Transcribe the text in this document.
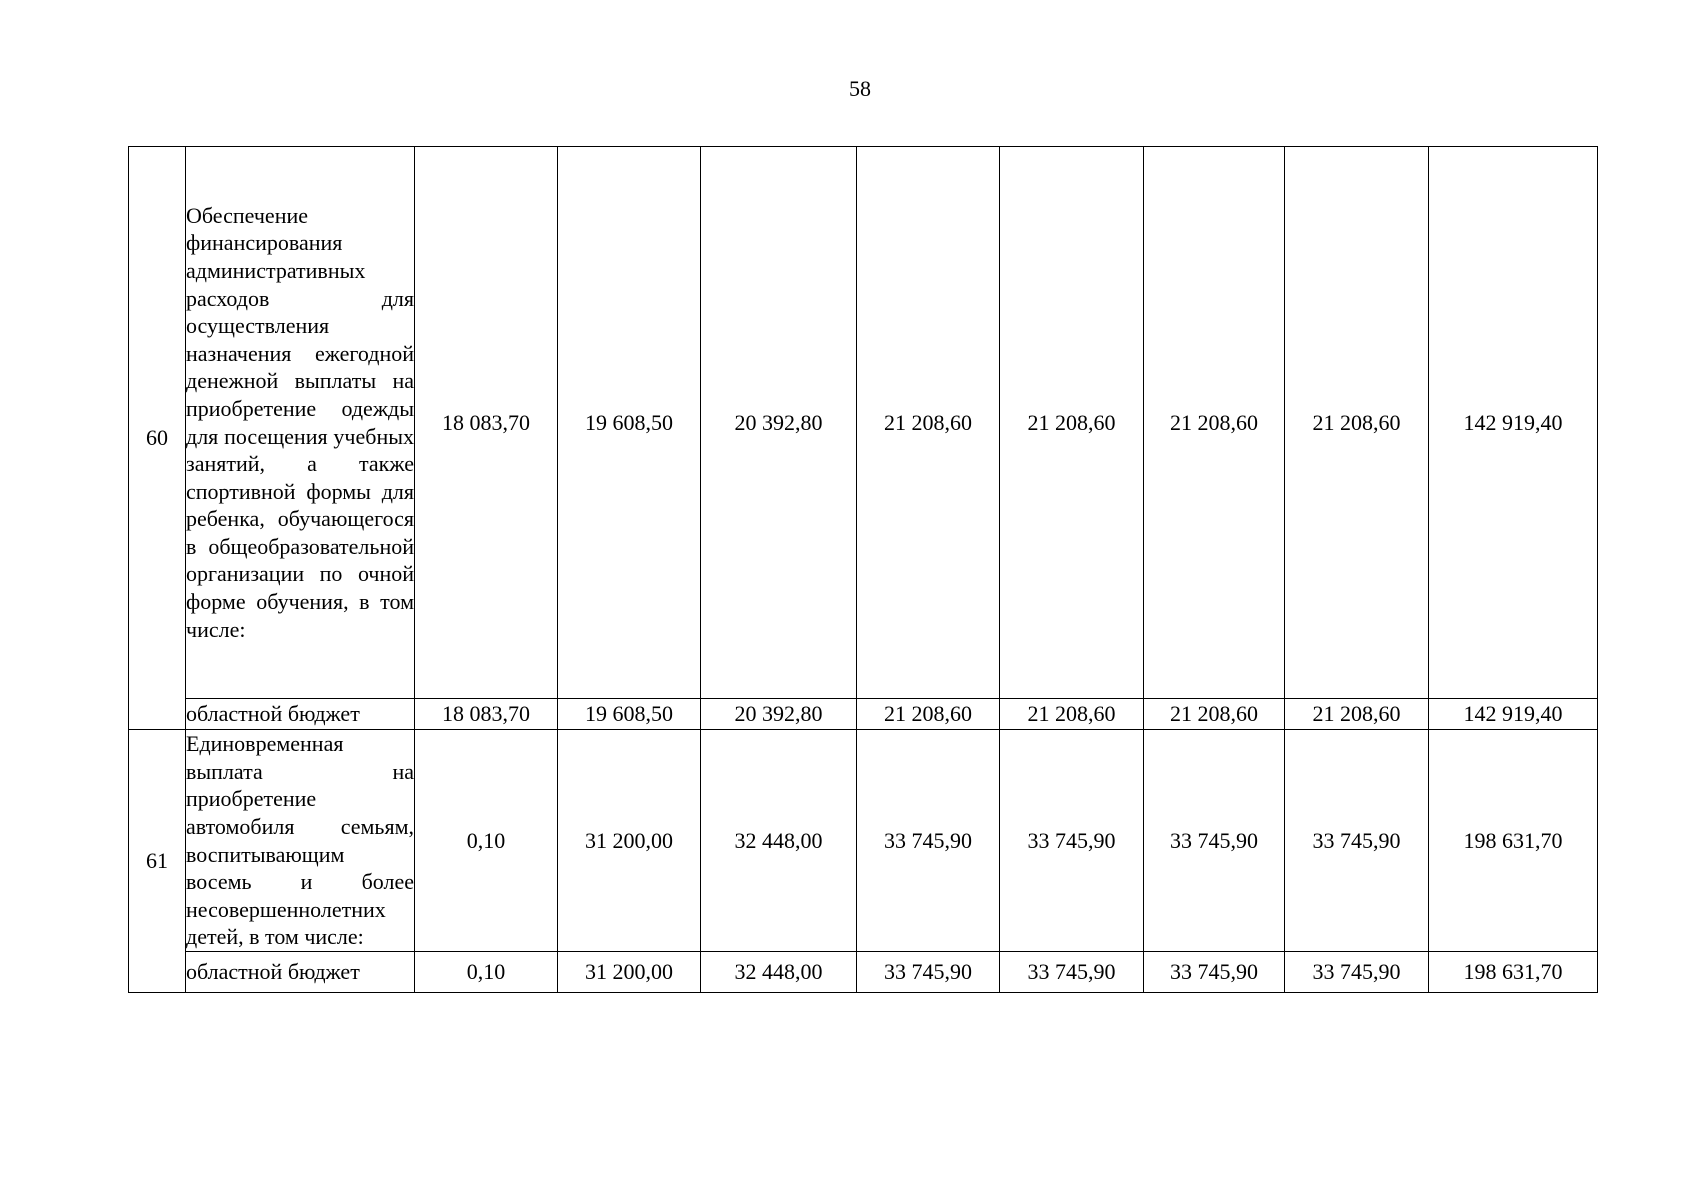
58
60	Обеспечение финансирования административных расходов для осуществления назначения ежегодной денежной выплаты на приобретение одежды для посещения учебных занятий, а также спортивной формы для ребенка, обучающегося в общеобразовательной организации по очной форме обучения, в том числе:	18 083,70	19 608,50	20 392,80	21 208,60	21 208,60	21 208,60	21 208,60	142 919,40
	областной бюджет	18 083,70	19 608,50	20 392,80	21 208,60	21 208,60	21 208,60	21 208,60	142 919,40
61	Единовременная выплата на приобретение автомобиля семьям, воспитывающим восемь и более несовершеннолетних детей, в том числе:	0,10	31 200,00	32 448,00	33 745,90	33 745,90	33 745,90	33 745,90	198 631,70
	областной бюджет	0,10	31 200,00	32 448,00	33 745,90	33 745,90	33 745,90	33 745,90	198 631,70
